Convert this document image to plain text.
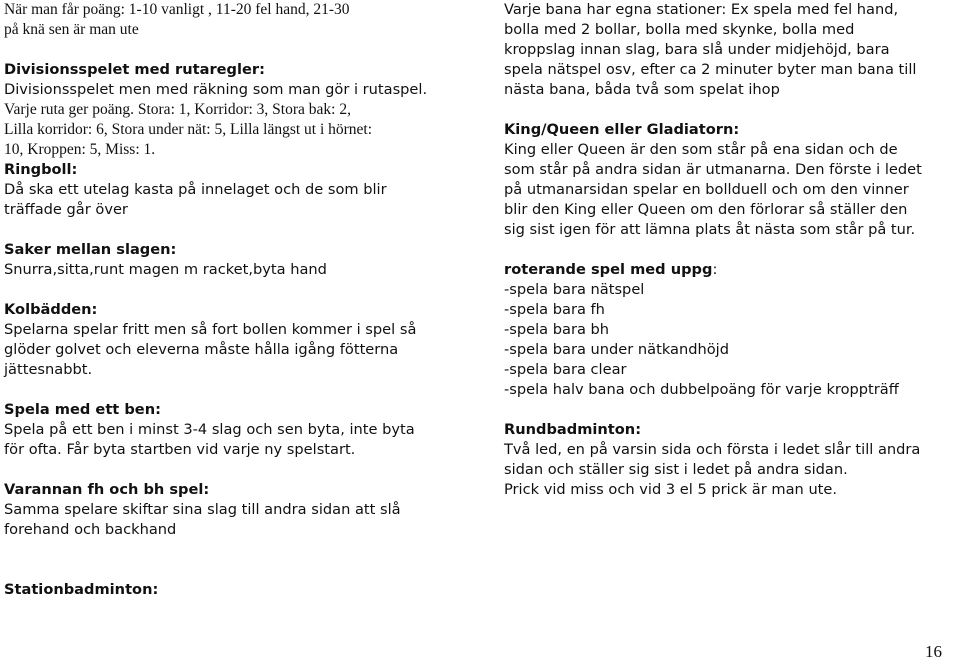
När man får poäng: 1-10 vanligt , 11-20 fel hand, 21-30

på knä sen är man ute

Divisionsspelet med rutaregler:

Divisionsspelet men med räkning som man gör i rutaspel.

Varje ruta ger poäng. Stora: 1, Korridor: 3, Stora bak: 2,

Lilla korridor: 6, Stora under nät: 5, Lilla längst ut i hörnet:

10, Kroppen: 5, Miss: 1.

Ringboll:

Då ska ett utelag kasta på innelaget och de som blir

träffade går över

Saker mellan slagen:

Snurra,sitta,runt magen m racket,byta hand

Kolbädden:

Spelarna spelar fritt men så fort bollen kommer i spel så

glöder golvet och eleverna måste hålla igång fötterna

jättesnabbt.

Spela med ett ben:

Spela på ett ben i minst 3-4 slag och sen byta, inte byta

för ofta. Får byta startben vid varje ny spelstart.

Varannan fh och bh spel:

Samma spelare skiftar sina slag till andra sidan att slå

forehand och backhand

Stationbadminton:

Varje bana har egna stationer: Ex spela med fel hand,

bolla med 2 bollar, bolla med skynke, bolla med

kroppslag innan slag, bara slå under midjehöjd, bara

spela nätspel osv, efter ca 2 minuter byter man bana till

nästa bana, båda två som spelat ihop

King/Queen eller Gladiatorn:

King eller Queen är den som står på ena sidan och de

som står på andra sidan är utmanarna. Den förste i ledet

på utmanarsidan spelar en bollduell och om den vinner

blir den King eller Queen om den förlorar så ställer den

sig sist igen för att lämna plats åt nästa som står på tur.

roterande spel med uppg:

-spela bara nätspel

-spela bara fh

-spela bara bh

-spela bara under nätkandhöjd

-spela bara clear

-spela halv bana och dubbelpoäng för varje kroppträff

Rundbadminton:

Två led, en på varsin sida och första i ledet slår till andra

sidan och ställer sig sist i ledet på andra sidan.

Prick vid miss och vid 3 el 5 prick är man ute.

16
